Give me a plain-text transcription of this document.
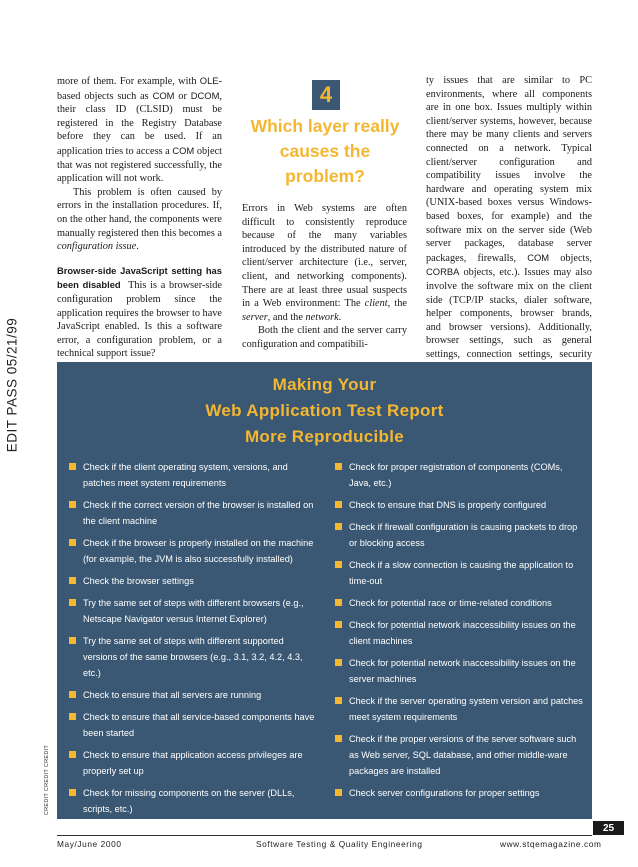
EDIT PASS 05/21/99
CREDIT CREDIT CREDIT

more of them. For example, with OLE-based objects such as COM or DCOM, their class ID (CLSID) must be registered in the Registry Database before they can be used. If an application tries to access a COM object that was not registered successfully, the application will not work.

This problem is often caused by errors in the installation procedures. If, on the other hand, the components were manually registered then this becomes a configuration issue.

Browser-side JavaScript setting has been disabled This is a browser-side configuration problem since the application requires the browser to have JavaScript enabled. Is this a software error, a configuration problem, or a technical support issue?

4
Which layer really causes the problem?

Errors in Web systems are often difficult to consistently reproduce because of the many variables introduced by the distributed nature of client/server architecture (i.e., server, client, and networking components). There are at least three usual suspects in a Web environment: The client, the server, and the network.

Both the client and the server carry configuration and compatibili-

ty issues that are similar to PC environments, where all components are in one box. Issues multiply within client/server systems, however, because there may be many clients and servers connected on a network. Typical client/server configuration and compatibility issues involve the hardware and operating system mix (UNIX-based boxes versus Windows-based boxes, for example) and the software mix on the server side (Web server packages, database server packages, firewalls, COM objects, CORBA objects, etc.). Issues may also involve the software mix on the client side (TCP/IP stacks, dialer software, helper components, browser brands, and browser versions). Additionally, browser settings, such as general settings, connection settings, security

Making Your
Web Application Test Report
More Reproducible
Check if the client operating system, versions, and patches meet system requirements
Check if the correct version of the browser is installed on the client machine
Check if the browser is properly installed on the machine (for example, the JVM is also successfully installed)
Check the browser settings
Try the same set of steps with different browsers (e.g., Netscape Navigator versus Internet Explorer)
Try the same set of steps with different supported versions of the same browsers (e.g., 3.1, 3.2, 4.2, 4.3, etc.)
Check to ensure that all servers are running
Check to ensure that all service-based components have been started
Check to ensure that application access privileges are properly set up
Check for missing components on the server (DLLs, scripts, etc.)
Check for proper registration of components (COMs, Java, etc.)
Check to ensure that DNS is properly configured
Check if firewall configuration is causing packets to drop or blocking access
Check if a slow connection is causing the application to time-out
Check for potential race or time-related conditions
Check for potential network inaccessibility issues on the client machines
Check for potential network inaccessibility issues on the server machines
Check if the server operating system version and patches meet system requirements
Check if the proper versions of the server software such as Web server, SQL database, and other middle-ware packages are installed
Check server configurations for proper settings
25
May/June 2000	Software Testing & Quality Engineering	www.stqemagazine.com
